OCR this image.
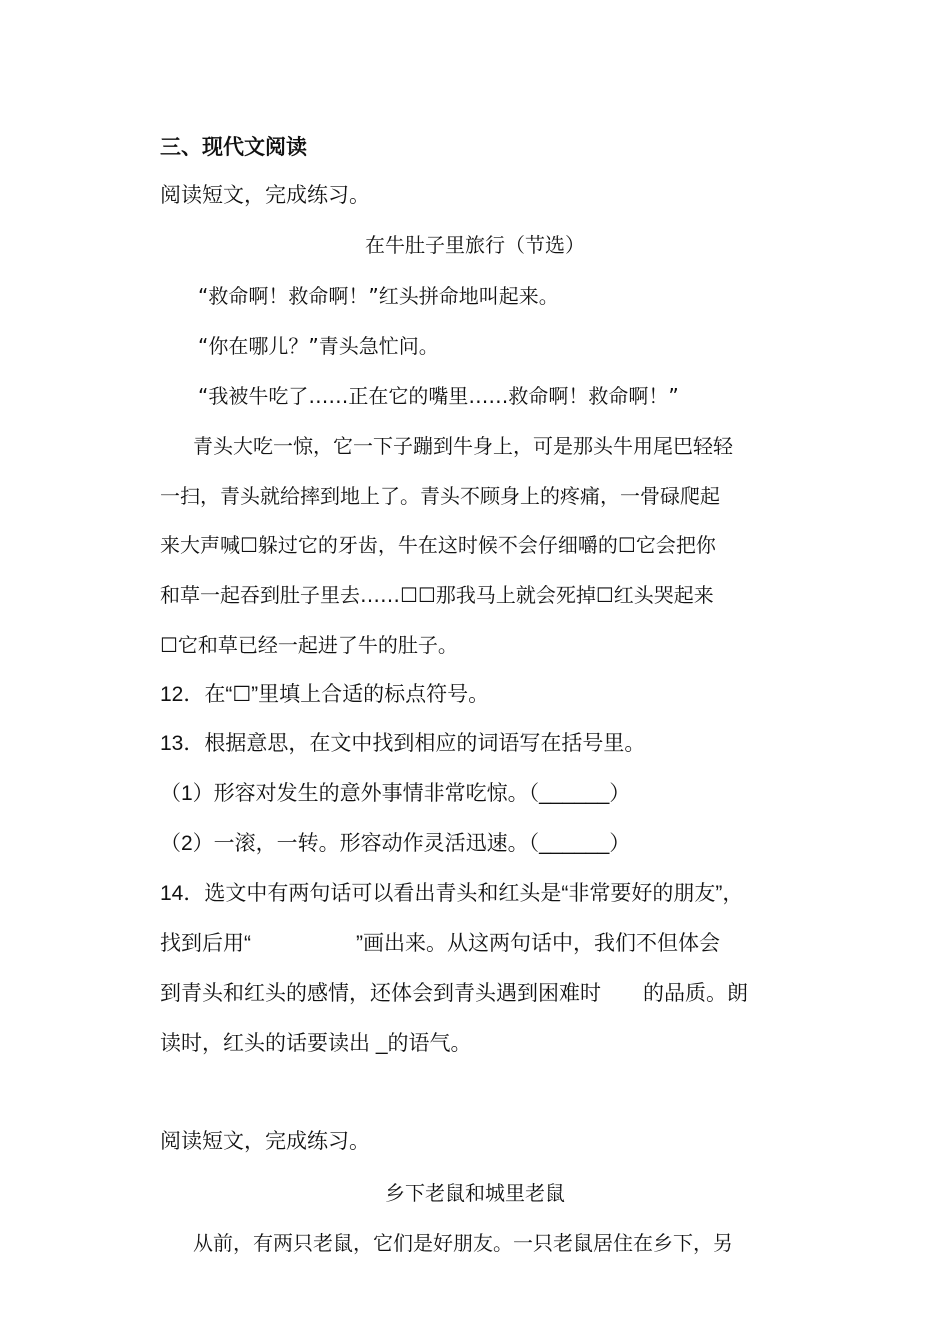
三、现代文阅读
阅读短文，完成练习。
在牛肚子里旅行（节选）
“救命啊！救命啊！”红头拼命地叫起来。
“你在哪儿？”青头急忙问。
“我被牛吃了……正在它的嘴里……救命啊！救命啊！”
青头大吃一惊，它一下子蹦到牛身上，可是那头牛用尾巴轻轻
一扫，青头就给摔到地上了。青头不顾身上的疼痛，一骨碌爬起
来大声喊☐躲过它的牙齿，牛在这时候不会仔细嚼的☐它会把你
和草一起吞到肚子里去……☐☐那我马上就会死掉☐红头哭起来
☐它和草已经一起进了牛的肚子。
12．在“☐”里填上合适的标点符号。
13．根据意思，在文中找到相应的词语写在括号里。
（1）形容对发生的意外事情非常吃惊。（______）
（2）一滚，一转。形容动作灵活迅速。（______）
14．选文中有两句话可以看出青头和红头是“非常要好的朋友”，
找到后用“　　　　　”画出来。从这两句话中，我们不但体会
到青头和红头的感情，还体会到青头遇到困难时　　的品质。朗
读时，红头的话要读出 _的语气。
阅读短文，完成练习。
乡下老鼠和城里老鼠
从前，有两只老鼠，它们是好朋友。一只老鼠居住在乡下，另
